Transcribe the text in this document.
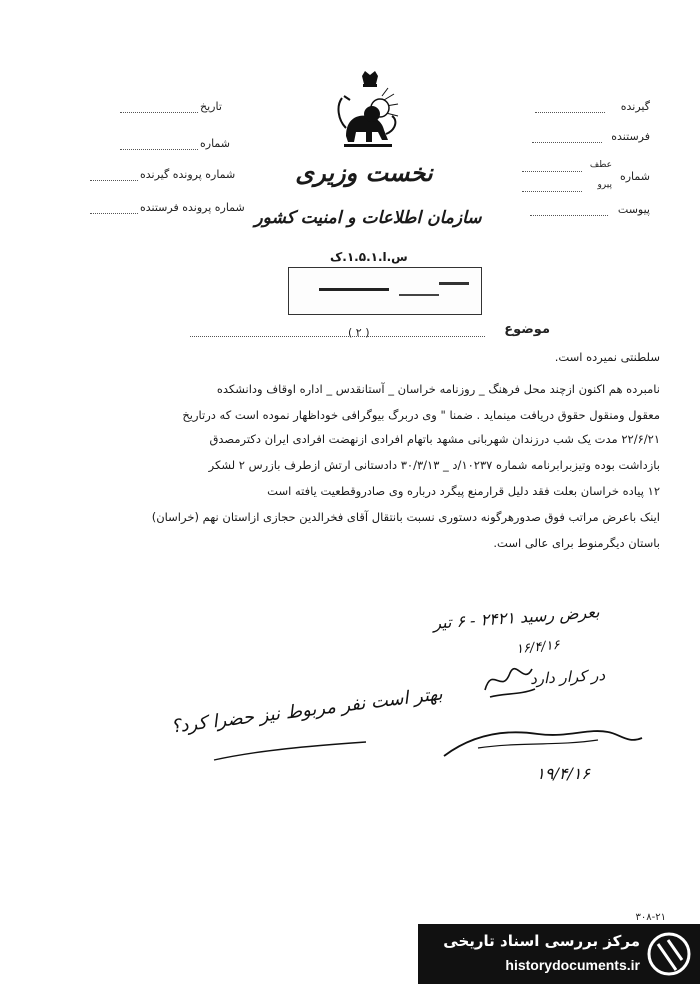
گیرنده
فرستنده
شماره
عطف
پیرو
پیوست
تاریخ
شماره
شماره پرونده گیرنده
شماره پرونده فرستنده
نخست وزیری
سازمان اطلاعات و امنیت کشور
س.ا.۱.۵.۱.ک
موضوع
( ۲ )
سلطنتی نمیرده است.
نامبرده هم اکنون ازچند محل فرهنگ _ روزنامه خراسان _ آستانقدس _ اداره اوقاف ودانشکده
معقول ومنقول حقوق دریافت مینماید . ضمنا " وی دربرگ بیوگرافی خوداظهار نموده است که درتاریخ
۲۲/۶/۲۱ مدت یک شب درزندان شهربانی مشهد باتهام افرادی ازنهضت افرادی ایران دکترمصدق
بازداشت بوده وتیزبرابرنامه شماره ۱۰۲۳۷/د _ ۳۰/۳/۱۳ دادستانی ارتش ازطرف بازرس ۲ لشکر
۱۲ پیاده خراسان بعلت فقد دلیل قرارمنع پیگرد درباره وی صادروقطعیت یافته است
اینک باعرض مراتب فوق صدورهرگونه دستوری نسبت بانتقال آقای فخرالدین حجازی ازاستان نهم (خراسان)
باستان دیگرمنوط برای عالی است.
بعرض رسید ۲۴۲۱ - ۶ تیر
۱۶/۴/۱۶
در کرار دارد
بهتر است نفر مربوط نیز حضرا کرد؟
۱۹/۴/۱۶
۳۰۸-۲۱
مرکز بررسی اسناد تاریخی
historydocuments.ir
